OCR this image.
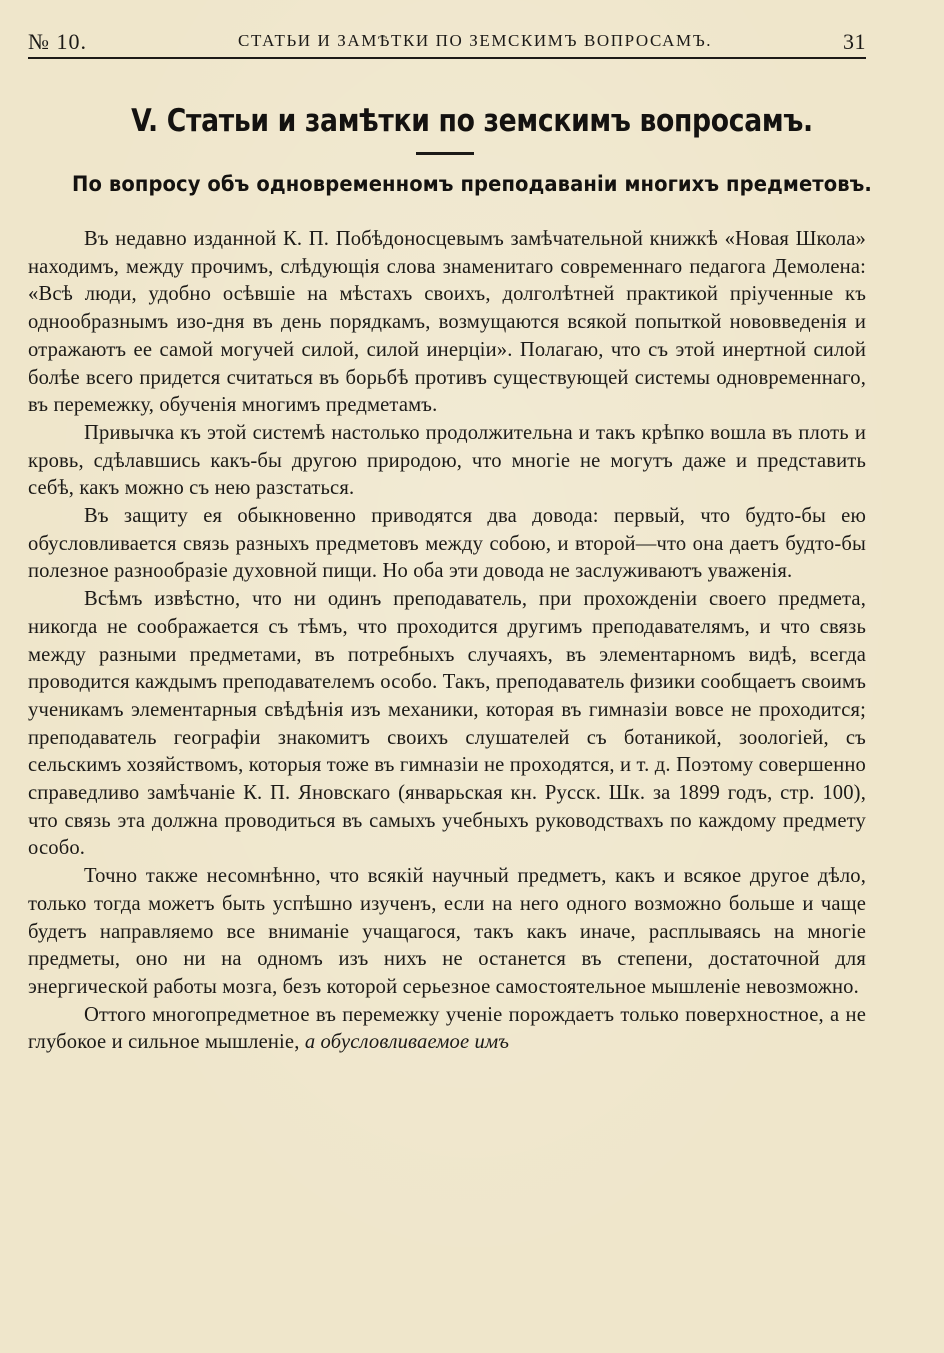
№ 10.	СТАТЬИ И ЗАМѢТКИ ПО ЗЕМСКИМЪ ВОПРОСАМЪ.	31
V. Статьи и замѣтки по земскимъ вопросамъ.
По вопросу объ одновременномъ преподаваніи многихъ предметовъ.

Въ недавно изданной К. П. Побѣдоносцевымъ замѣчательной книжкѣ «Новая Школа» находимъ, между прочимъ, слѣдующія слова знаменитаго современнаго педагога Демолена: «Всѣ люди, удобно осѣвшіе на мѣстахъ своихъ, долголѣтней практикой пріученные къ однообразнымъ изо-дня въ день порядкамъ, возмущаются всякой попыткой нововведенія и отражаютъ ее самой могучей силой, силой инерціи». Полагаю, что съ этой инертной силой болѣе всего придется считаться въ борьбѣ противъ существующей системы одновременнаго, въ перемежку, обученія многимъ предметамъ.

Привычка къ этой системѣ настолько продолжительна и такъ крѣпко вошла въ плоть и кровь, сдѣлавшись какъ-бы другою природою, что многіе не могутъ даже и представить себѣ, какъ можно съ нею разстаться.

Въ защиту ея обыкновенно приводятся два довода: первый, что будто-бы ею обусловливается связь разныхъ предметовъ между собою, и второй—что она даетъ будто-бы полезное разнообразіе духовной пищи. Но оба эти довода не заслуживаютъ уваженія.

Всѣмъ извѣстно, что ни одинъ преподаватель, при прохожденіи своего предмета, никогда не соображается съ тѣмъ, что проходится другимъ преподавателямъ, и что связь между разными предметами, въ потребныхъ случаяхъ, въ элементарномъ видѣ, всегда проводится каждымъ преподавателемъ особо. Такъ, преподаватель физики сообщаетъ своимъ ученикамъ элементарныя свѣдѣнія изъ механики, которая въ гимназіи вовсе не проходится; преподаватель географіи знакомитъ своихъ слушателей съ ботаникой, зоологіей, съ сельскимъ хозяйствомъ, которыя тоже въ гимназіи не проходятся, и т. д. Поэтому совершенно справедливо замѣчаніе К. П. Яновскаго (январьская кн. Русск. Шк. за 1899 годъ, стр. 100), что связь эта должна проводиться въ самыхъ учебныхъ руководствахъ по каждому предмету особо.

Точно также несомнѣнно, что всякій научный предметъ, какъ и всякое другое дѣло, только тогда можетъ быть успѣшно изученъ, если на него одного возможно больше и чаще будетъ направляемо все вниманіе учащагося, такъ какъ иначе, расплываясь на многіе предметы, оно ни на одномъ изъ нихъ не останется въ степени, достаточной для энергической работы мозга, безъ которой серьезное самостоятельное мышленіе невозможно.

Оттого многопредметное въ перемежку ученіе порождаетъ только поверхностное, а не глубокое и сильное мышленіе, а обусловливаемое имъ
